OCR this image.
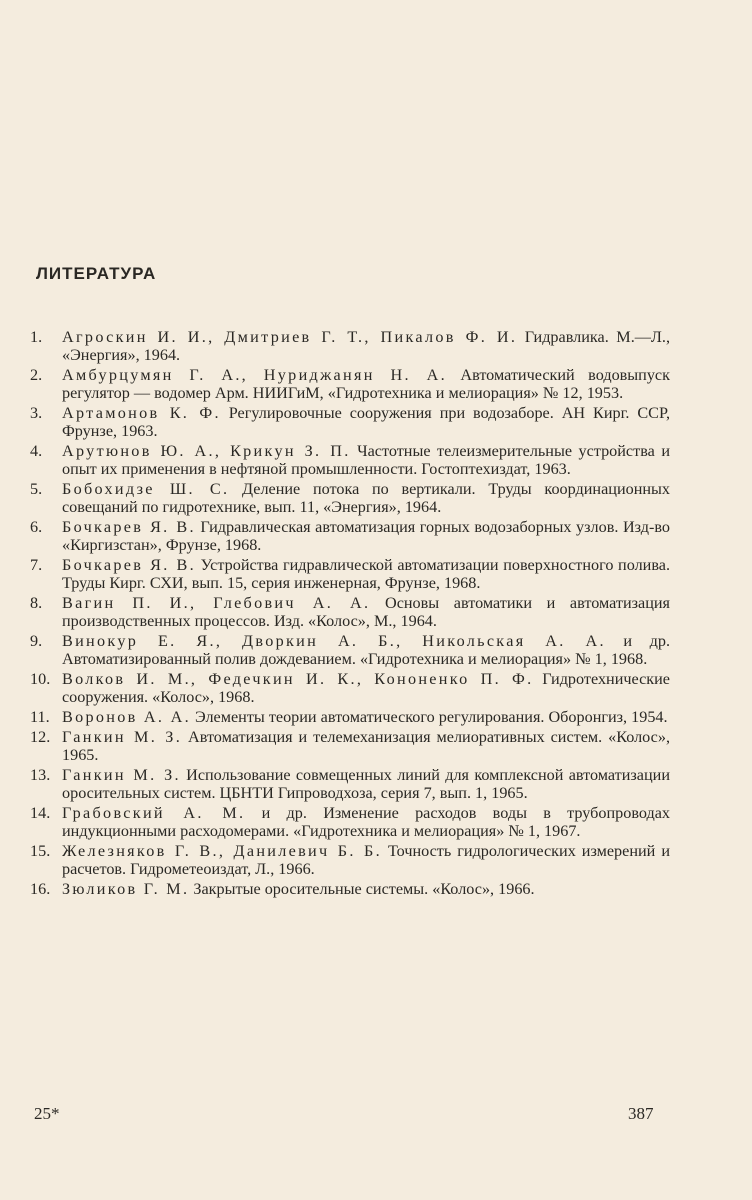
ЛИТЕРАТУРА
1. Агроскин И. И., Дмитриев Г. Т., Пикалов Ф. И. Гидравлика. М.—Л., «Энергия», 1964.
2. Амбурцумян Г. А., Нуриджанян Н. А. Автоматический водовыпуск регулятор — водомер Арм. НИИГиМ, «Гидротехника и мелиорация» № 12, 1953.
3. Артамонов К. Ф. Регулировочные сооружения при водозаборе. АН Кирг. ССР, Фрунзе, 1963.
4. Арутюнов Ю. А., Крикун З. П. Частотные телеизмерительные устройства и опыт их применения в нефтяной промышленности. Гостоптехиздат, 1963.
5. Бобохидзе Ш. С. Деление потока по вертикали. Труды координационных совещаний по гидротехнике, вып. 11, «Энергия», 1964.
6. Бочкарев Я. В. Гидравлическая автоматизация горных водозаборных узлов. Изд-во «Киргизстан», Фрунзе, 1968.
7. Бочкарев Я. В. Устройства гидравлической автоматизации поверхностного полива. Труды Кирг. СХИ, вып. 15, серия инженерная, Фрунзе, 1968.
8. Вагин П. И., Глебович А. А. Основы автоматики и автоматизация производственных процессов. Изд. «Колос», М., 1964.
9. Винокур Е. Я., Дворкин А. Б., Никольская А. А. и др. Автоматизированный полив дождеванием. «Гидротехника и мелиорация» № 1, 1968.
10. Волков И. М., Федечкин И. К., Кононенко П. Ф. Гидротехнические сооружения. «Колос», 1968.
11. Воронов А. А. Элементы теории автоматического регулирования. Оборонгиз, 1954.
12. Ганкин М. З. Автоматизация и телемеханизация мелиоративных систем. «Колос», 1965.
13. Ганкин М. З. Использование совмещенных линий для комплексной автоматизации оросительных систем. ЦБНТИ Гипроводхоза, серия 7, вып. 1, 1965.
14. Грабовский А. М. и др. Изменение расходов воды в трубопроводах индукционными расходомерами. «Гидротехника и мелиорация» № 1, 1967.
15. Железняков Г. В., Данилевич Б. Б. Точность гидрологических измерений и расчетов. Гидрометеоиздат, Л., 1966.
16. Зюликов Г. М. Закрытые оросительные системы. «Колос», 1966.
25*	387
